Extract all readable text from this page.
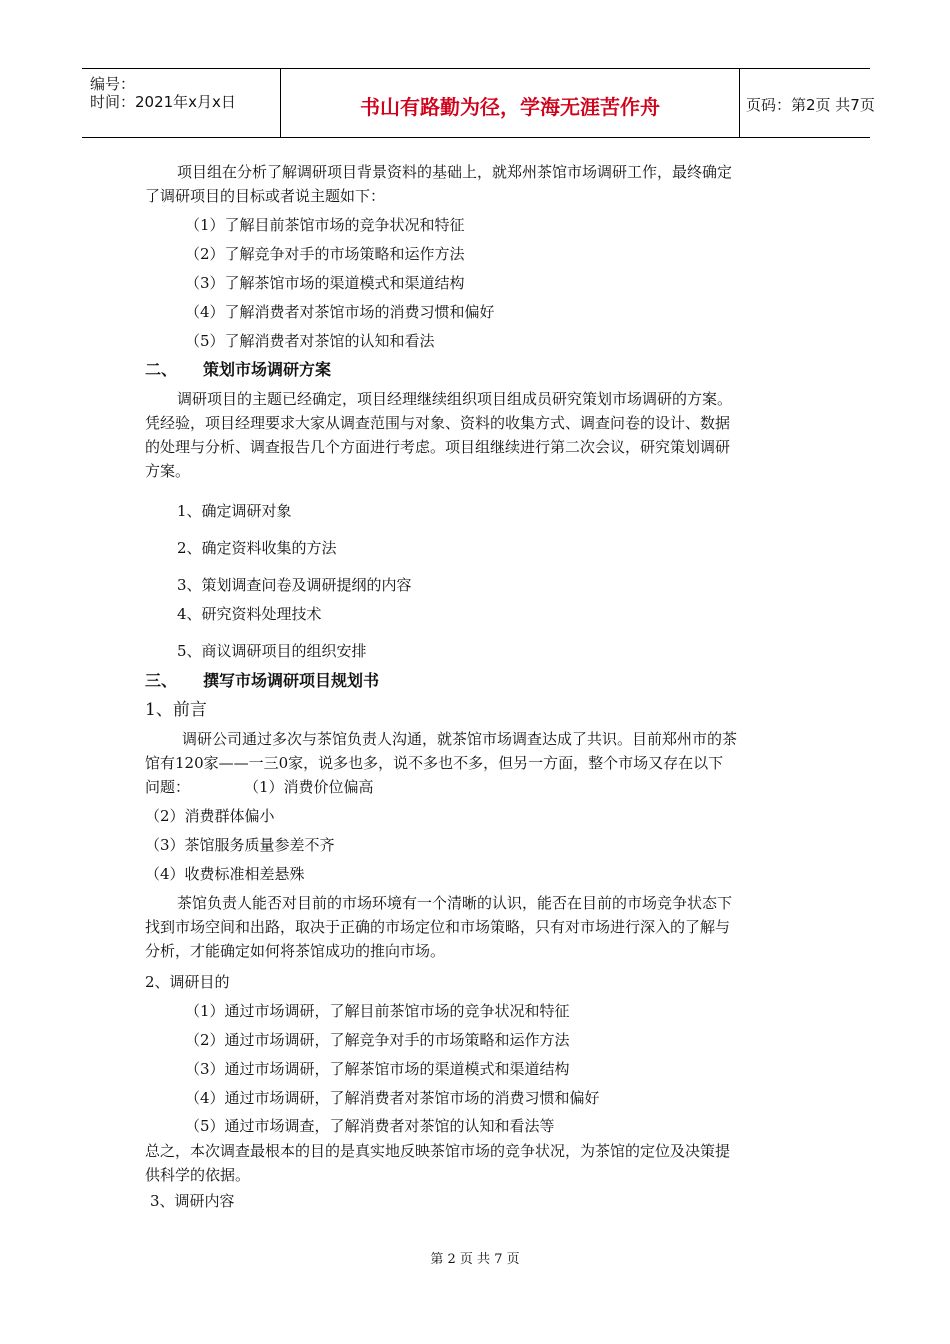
编号：
时间：2021年x月x日	书山有路勤为径，学海无涯苦作舟	页码：第2页 共7页
项目组在分析了解调研项目背景资料的基础上，就郑州茶馆市场调研工作，最终确定
了调研项目的目标或者说主题如下：
（1）了解目前茶馆市场的竞争状况和特征
（2）了解竞争对手的市场策略和运作方法
（3）了解茶馆市场的渠道模式和渠道结构
（4）了解消费者对茶馆市场的消费习惯和偏好
（5）了解消费者对茶馆的认知和看法
二、 策划市场调研方案
调研项目的主题已经确定，项目经理继续组织项目组成员研究策划市场调研的方案。
凭经验，项目经理要求大家从调查范围与对象、资料的收集方式、调查问卷的设计、数据
的处理与分析、调查报告几个方面进行考虑。项目组继续进行第二次会议，研究策划调研
方案。
1、确定调研对象
2、确定资料收集的方法
3、策划调查问卷及调研提纲的内容
4、研究资料处理技术
5、商议调研项目的组织安排
三、 撰写市场调研项目规划书
1、前言
调研公司通过多次与茶馆负责人沟通，就茶馆市场调查达成了共识。目前郑州市的茶
馆有120家——一三0家，说多也多，说不多也不多，但另一方面，整个市场又存在以下
问题：	（1）消费价位偏高
（2）消费群体偏小
（3）茶馆服务质量参差不齐
（4）收费标准相差悬殊
茶馆负责人能否对目前的市场环境有一个清晰的认识，能否在目前的市场竞争状态下
找到市场空间和出路，取决于正确的市场定位和市场策略，只有对市场进行深入的了解与
分析，才能确定如何将茶馆成功的推向市场。
2、调研目的
（1）通过市场调研，了解目前茶馆市场的竞争状况和特征
（2）通过市场调研，了解竞争对手的市场策略和运作方法
（3）通过市场调研，了解茶馆市场的渠道模式和渠道结构
（4）通过市场调研，了解消费者对茶馆市场的消费习惯和偏好
（5）通过市场调查，了解消费者对茶馆的认知和看法等
总之，本次调查最根本的目的是真实地反映茶馆市场的竞争状况，为茶馆的定位及决策提
供科学的依据。
3、调研内容
第 2 页 共 7 页
